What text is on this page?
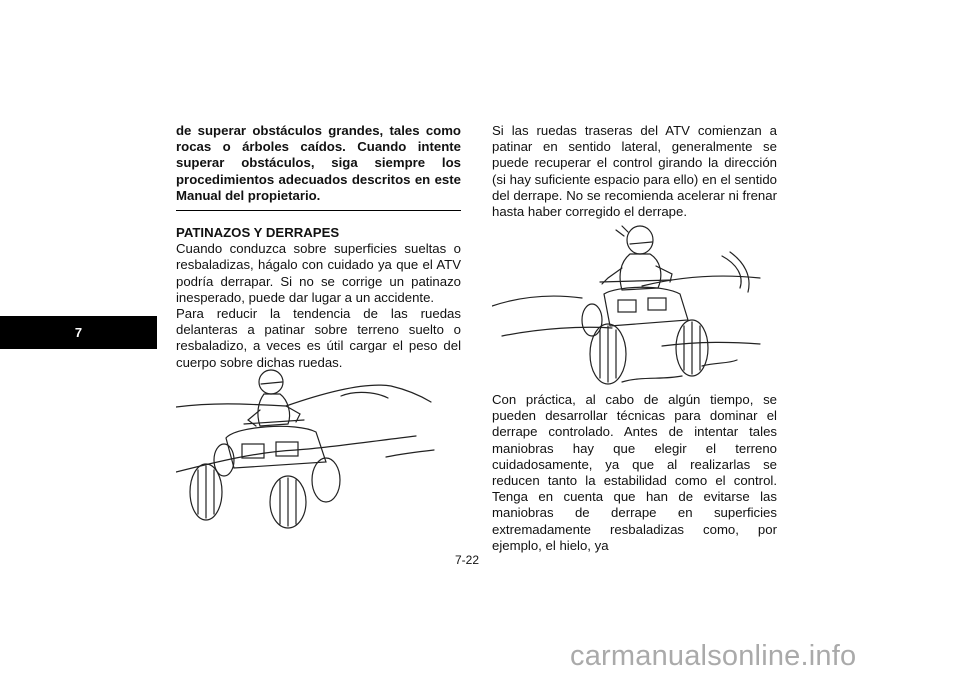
7

de superar obstáculos grandes, tales como rocas o árboles caídos. Cuando intente superar obstáculos, siga siempre los procedimientos adecuados descritos en este Manual del propietario.

PATINAZOS Y DERRAPES

Cuando conduzca sobre superficies sueltas o resbaladizas, hágalo con cuidado ya que el ATV podría derrapar. Si no se corrige un patinazo inesperado, puede dar lugar a un accidente.

Para reducir la tendencia de las ruedas delanteras a patinar sobre terreno suelto o resbaladizo, a veces es útil cargar el peso del cuerpo sobre dichas ruedas.

Si las ruedas traseras del ATV comienzan a patinar en sentido lateral, generalmente se puede recuperar el control girando la dirección (si hay suficiente espacio para ello) en el sentido del derrape. No se recomienda acelerar ni frenar hasta haber corregido el derrape.

Con práctica, al cabo de algún tiempo, se pueden desarrollar técnicas para dominar el derrape controlado. Antes de intentar tales maniobras hay que elegir el terreno cuidadosamente, ya que al realizarlas se reducen tanto la estabilidad como el control. Tenga en cuenta que han de evitarse las maniobras de derrape en superficies extremadamente resbaladizas como, por ejemplo, el hielo, ya

7-22
carmanualsonline.info
